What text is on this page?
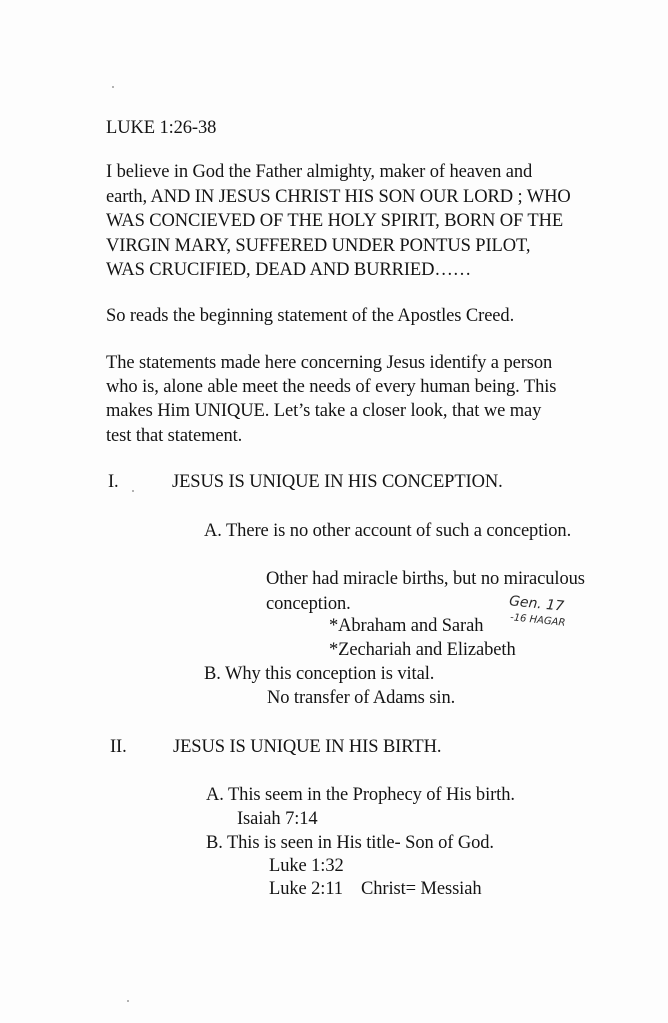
LUKE 1:26-38
I believe in God the Father almighty, maker of heaven and
earth, AND IN JESUS CHRIST HIS SON OUR LORD ; WHO
WAS CONCIEVED OF THE HOLY SPIRIT, BORN OF THE
VIRGIN MARY, SUFFERED UNDER PONTUS PILOT,
WAS CRUCIFIED, DEAD AND BURRIED……
So reads the beginning statement of the Apostles Creed.
The statements made here concerning Jesus identify a person
who is, alone able meet the needs of every human being. This
makes Him UNIQUE. Let’s take a closer look, that we may
test that statement.
I.	JESUS IS UNIQUE IN HIS CONCEPTION.
A. There is no other account of such a conception.
Other had miracle births, but no miraculous
conception.
*Abraham and Sarah
*Zechariah and Elizabeth
Gen. 17
-16 HAGAR
B. Why this conception is vital.
No transfer of Adams sin.
II.	JESUS IS UNIQUE IN HIS BIRTH.
A. This seem in the Prophecy of His birth.
Isaiah 7:14
B. This is seen in His title- Son of God.
Luke 1:32
Luke 2:11    Christ= Messiah
